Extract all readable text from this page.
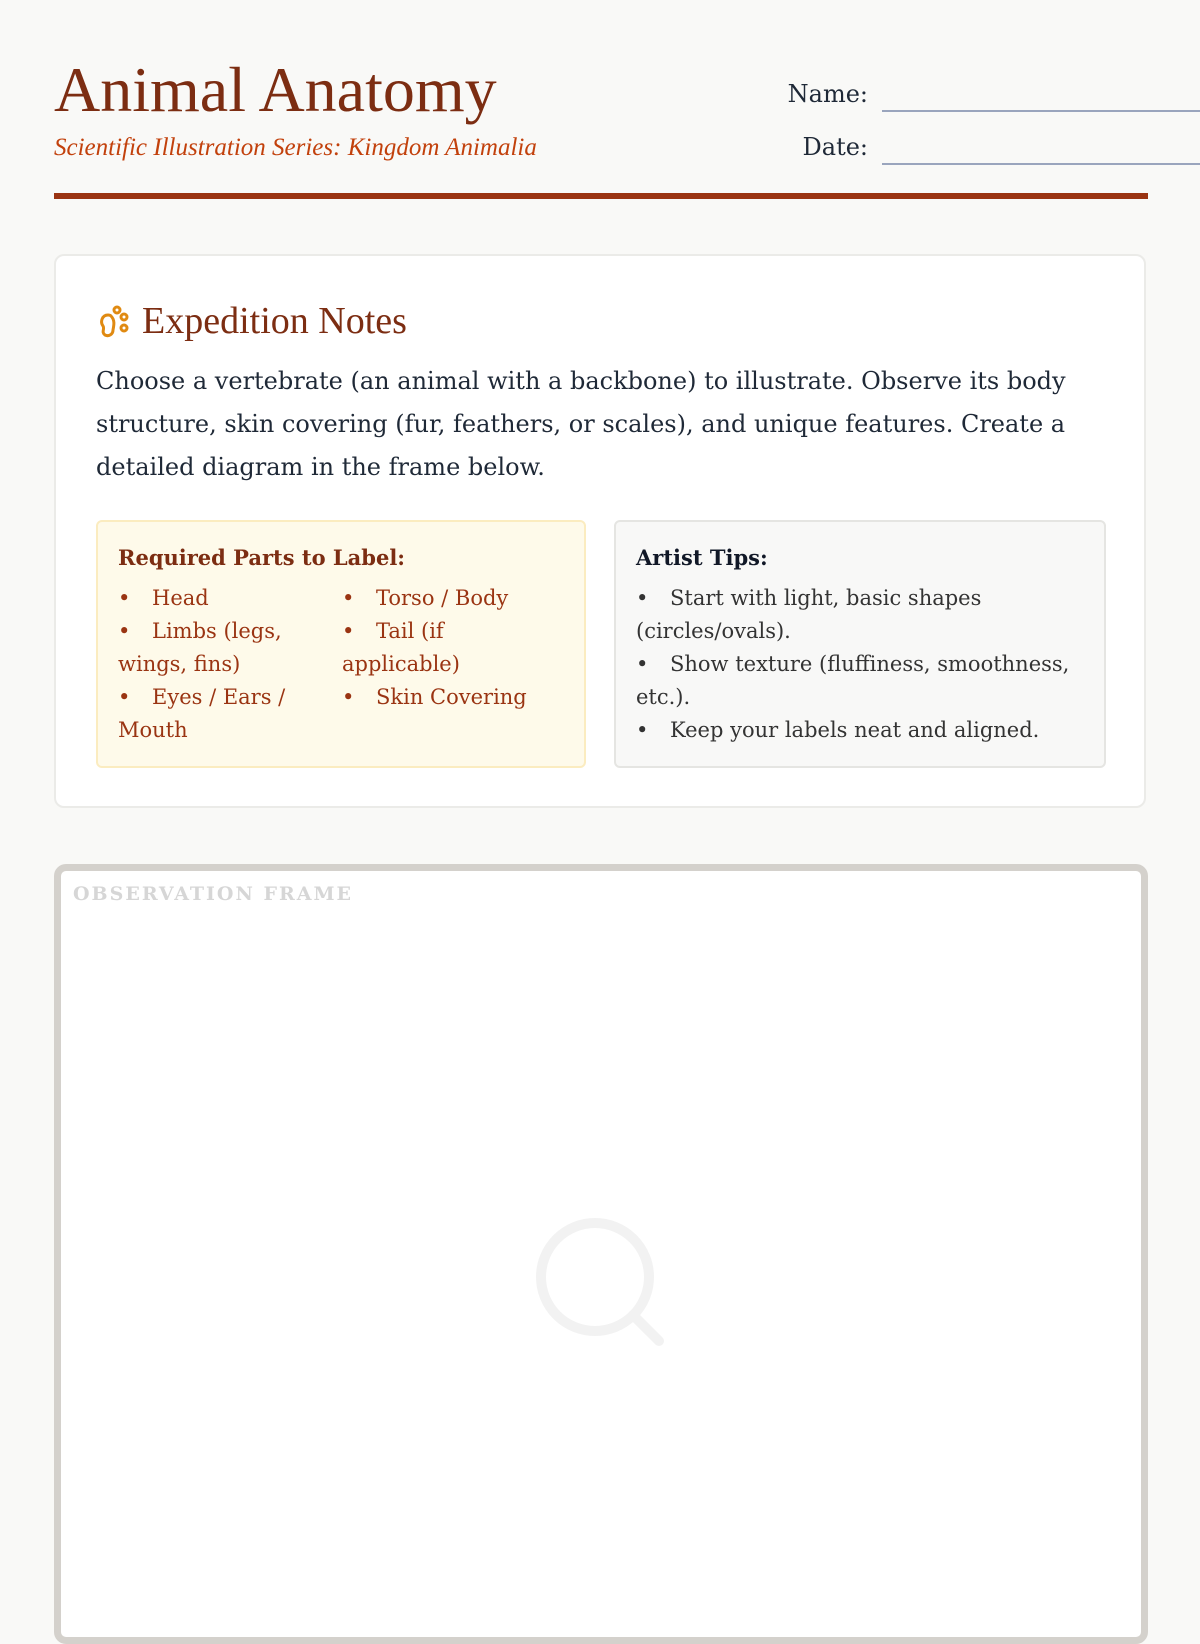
Animal Anatomy
Scientific Illustration Series: Kingdom Animalia
Name:
Date:
Expedition Notes
Choose a vertebrate (an animal with a backbone) to illustrate. Observe its body structure, skin covering (fur, feathers, or scales), and unique features. Create a detailed diagram in the frame below.
Required Parts to Label:
• Head
• Limbs (legs, wings, fins)
• Eyes / Ears / Mouth
• Torso / Body
• Tail (if applicable)
• Skin Covering
Artist Tips:
• Start with light, basic shapes (circles/ovals).
• Show texture (fluffiness, smoothness, etc.).
• Keep your labels neat and aligned.
OBSERVATION FRAME
